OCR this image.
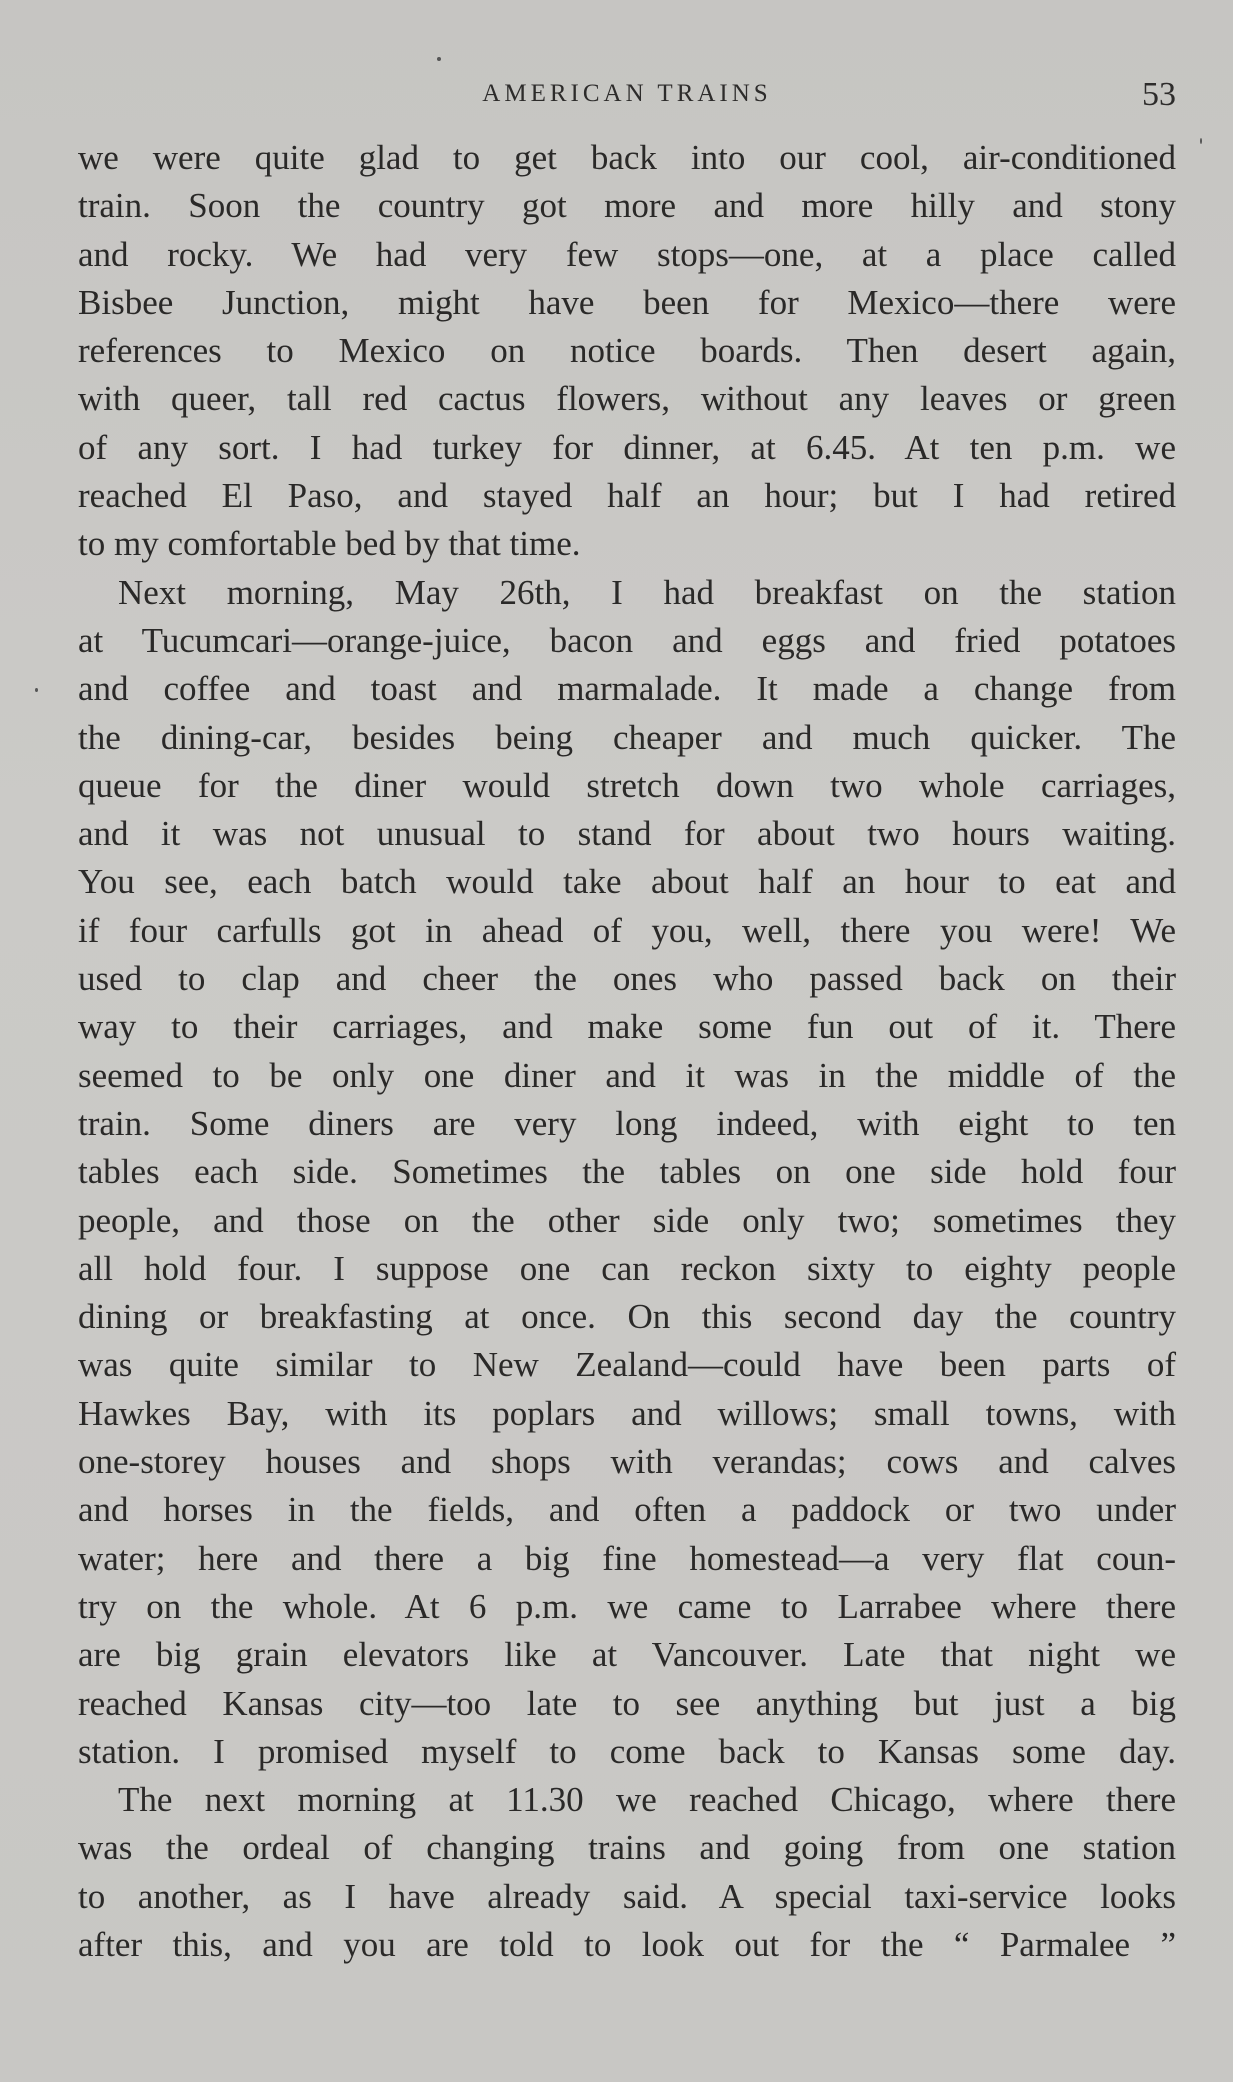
AMERICAN TRAINS	53

we were quite glad to get back into our cool, air-conditioned
train. Soon the country got more and more hilly and stony
and rocky. We had very few stops—one, at a place called
Bisbee Junction, might have been for Mexico—there were
references to Mexico on notice boards. Then desert again,
with queer, tall red cactus flowers, without any leaves or green
of any sort. I had turkey for dinner, at 6.45. At ten p.m. we
reached El Paso, and stayed half an hour; but I had retired
to my comfortable bed by that time.

Next morning, May 26th, I had breakfast on the station
at Tucumcari—orange-juice, bacon and eggs and fried potatoes
and coffee and toast and marmalade. It made a change from
the dining-car, besides being cheaper and much quicker. The
queue for the diner would stretch down two whole carriages,
and it was not unusual to stand for about two hours waiting.
You see, each batch would take about half an hour to eat and
if four carfulls got in ahead of you, well, there you were! We
used to clap and cheer the ones who passed back on their
way to their carriages, and make some fun out of it. There
seemed to be only one diner and it was in the middle of the
train. Some diners are very long indeed, with eight to ten
tables each side. Sometimes the tables on one side hold four
people, and those on the other side only two; sometimes they
all hold four. I suppose one can reckon sixty to eighty people
dining or breakfasting at once. On this second day the country
was quite similar to New Zealand—could have been parts of
Hawkes Bay, with its poplars and willows; small towns, with
one-storey houses and shops with verandas; cows and calves
and horses in the fields, and often a paddock or two under
water; here and there a big fine homestead—a very flat coun-
try on the whole. At 6 p.m. we came to Larrabee where there
are big grain elevators like at Vancouver. Late that night we
reached Kansas city—too late to see anything but just a big
station. I promised myself to come back to Kansas some day.

The next morning at 11.30 we reached Chicago, where there
was the ordeal of changing trains and going from one station
to another, as I have already said. A special taxi-service looks
after this, and you are told to look out for the “ Parmalee ”
